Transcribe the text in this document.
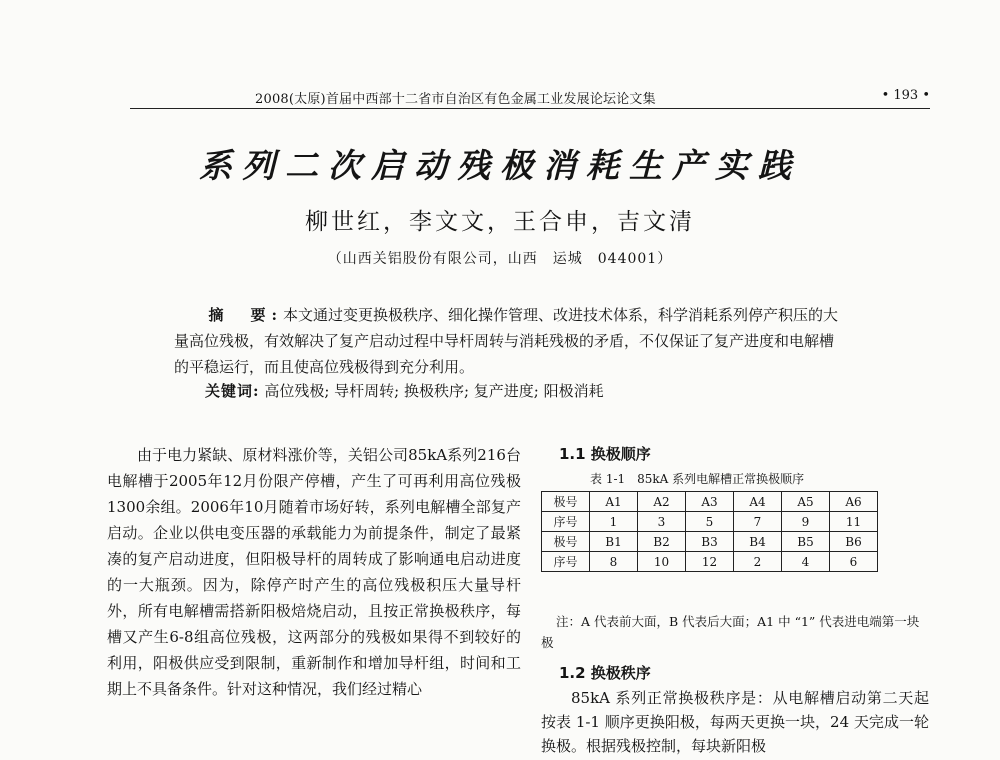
2008(太原)首届中西部十二省市自治区有色金属工业发展论坛论文集	• 193 •
系列二次启动残极消耗生产实践
柳世红，李文文，王合申，吉文清
（山西关铝股份有限公司，山西　运城　044001）

摘　要:本文通过变更换极秩序、细化操作管理、改进技术体系，科学消耗系列停产积压的大量高位残极，有效解决了复产启动过程中导杆周转与消耗残极的矛盾，不仅保证了复产进度和电解槽的平稳运行，而且使高位残极得到充分利用。

关键词: 高位残极; 导杆周转; 换极秩序; 复产进度; 阳极消耗

由于电力紧缺、原材料涨价等，关铝公司85kA系列216台电解槽于2005年12月份限产停槽，产生了可再利用高位残极1300余组。2006年10月随着市场好转，系列电解槽全部复产启动。企业以供电变压器的承载能力为前提条件，制定了最紧凑的复产启动进度，但阳极导杆的周转成了影响通电启动进度的一大瓶颈。因为，除停产时产生的高位残极积压大量导杆外，所有电解槽需搭新阳极焙烧启动，且按正常换极秩序，每槽又产生6-8组高位残极，这两部分的残极如果得不到较好的利用，阳极供应受到限制，重新制作和增加导杆组，时间和工期上不具备条件。针对这种情况，我们经过精心

1.1 换极顺序
表 1-1　85kA 系列电解槽正常换极顺序
极号	A1	A2	A3	A4	A5	A6
序号	1	3	5	7	9	11
极号	B1	B2	B3	B4	B5	B6
序号	8	10	12	2	4	6

注：A 代表前大面，B 代表后大面；A1 中 “1” 代表进电端第一块极

1.2 换极秩序

85kA 系列正常换极秩序是：从电解槽启动第二天起按表 1-1 顺序更换阳极，每两天更换一块，24 天完成一轮换极。根据残极控制，每块新阳极
